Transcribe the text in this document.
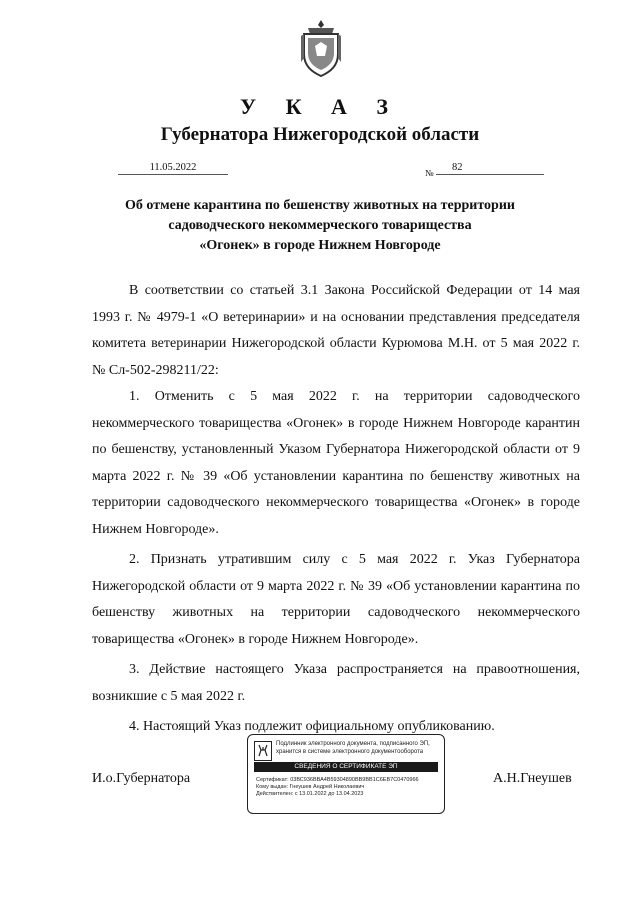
У К А З
Губернатора Нижегородской области
11.05.2022	№	82
Об отмене карантина по бешенству животных на территории
садоводческого некоммерческого товарищества
«Огонек» в городе Нижнем Новгороде

В соответствии со статьей 3.1 Закона Российской Федерации от 14 мая 1993 г. № 4979-1 «О ветеринарии» и на основании представления председателя комитета ветеринарии Нижегородской области Курюмова М.Н. от 5 мая 2022 г. № Сл-502-298211/22:

1. Отменить с 5 мая 2022 г. на территории садоводческого некоммерческого товарищества «Огонек» в городе Нижнем Новгороде карантин по бешенству, установленный Указом Губернатора Нижегородской области от 9 марта 2022 г. № 39 «Об установлении карантина по бешенству животных на территории садоводческого некоммерческого товарищества «Огонек» в городе Нижнем Новгороде».

2. Признать утратившим силу с 5 мая 2022 г. Указ Губернатора Нижегородской области от 9 марта 2022 г. № 39 «Об установлении карантина по бешенству животных на территории садоводческого некоммерческого товарищества «Огонек» в городе Нижнем Новгороде».

3. Действие настоящего Указа распространяется на правоотношения, возникшие с 5 мая 2022 г.

4. Настоящий Указ подлежит официальному опубликованию.

И.о.Губернатора	А.Н.Гнеушев
Подлинник электронного документа, подписанного ЭП, хранится в системе электронного документооборота
СВЕДЕНИЯ О СЕРТИФИКАТЕ ЭП
Сертификат: 03ВС936ВВА4В59304890ВВ9ВВ1С6ЕВ7С0470966
Кому выдан: Гнеушев Андрей Николаевич
Действителен: с 13.01.2022 до 13.04.2023
